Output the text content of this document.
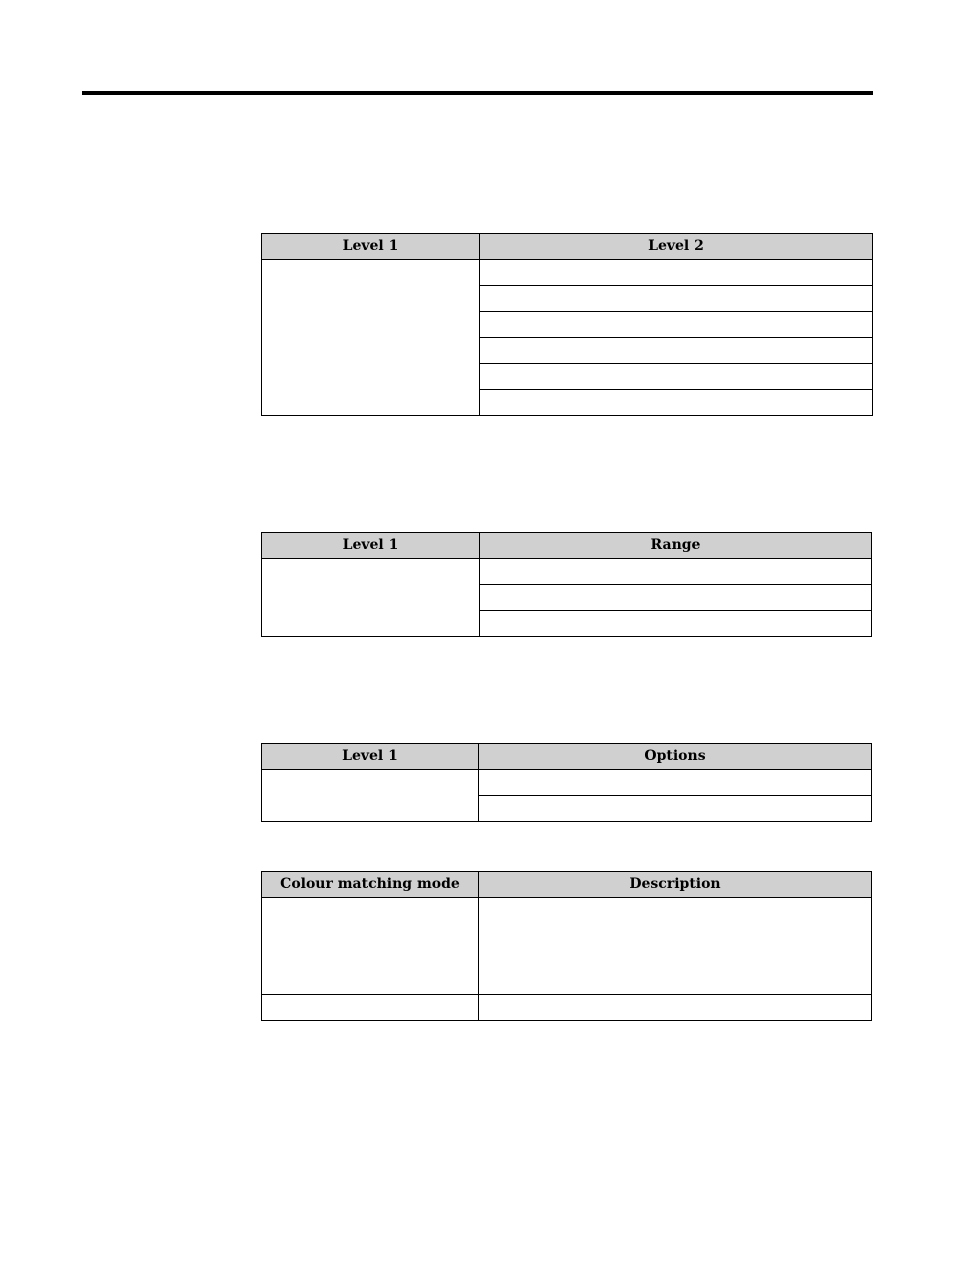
Level 1	Level 2

Level 1	Range

Level 1	Options

Colour matching mode	Description
